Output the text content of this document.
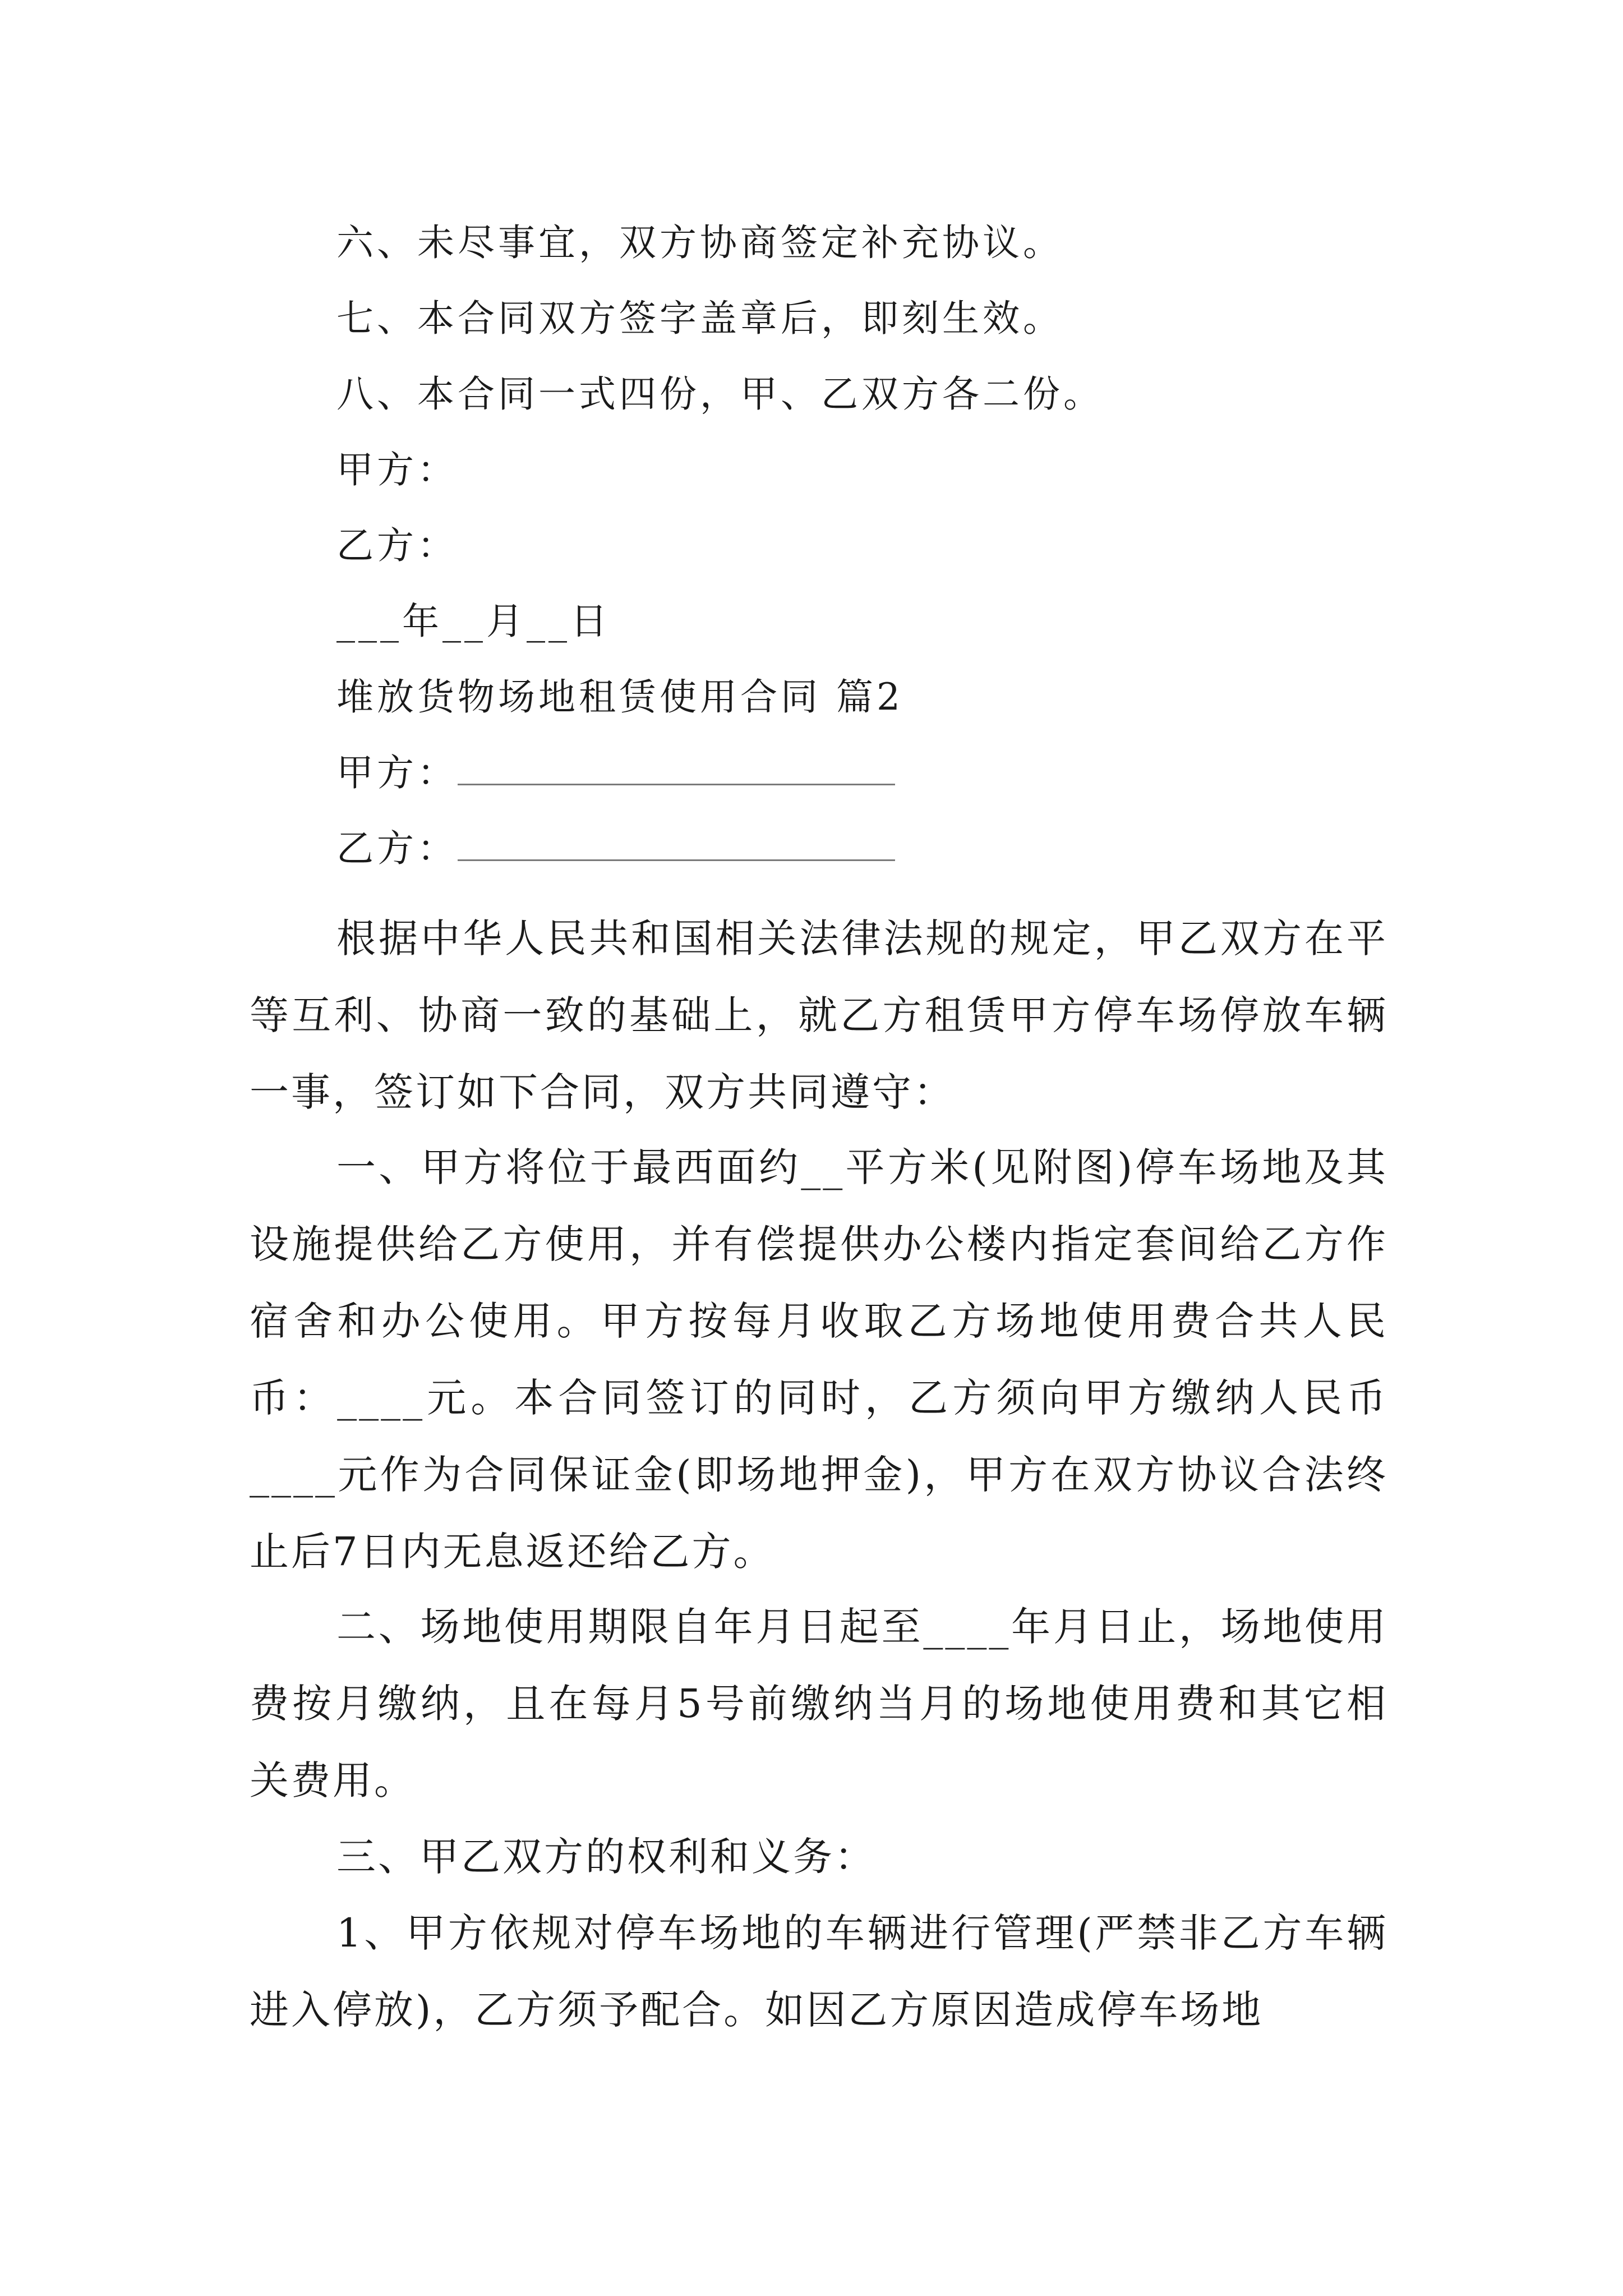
六、未尽事宜，双方协商签定补充协议。
七、本合同双方签字盖章后，即刻生效。
八、本合同一式四份，甲、乙双方各二份。
甲方：
乙方：
___年__月__日
堆放货物场地租赁使用合同 篇2
甲方：
乙方：
根据中华人民共和国相关法律法规的规定，甲乙双方在平等互利、协商一致的基础上，就乙方租赁甲方停车场停放车辆一事，签订如下合同，双方共同遵守：
一、甲方将位于最西面约__平方米(见附图)停车场地及其设施提供给乙方使用，并有偿提供办公楼内指定套间给乙方作宿舍和办公使用。甲方按每月收取乙方场地使用费合共人民币：____元。本合同签订的同时，乙方须向甲方缴纳人民币____元作为合同保证金(即场地押金)，甲方在双方协议合法终止后7日内无息返还给乙方。
二、场地使用期限自年月日起至____年月日止，场地使用费按月缴纳，且在每月5号前缴纳当月的场地使用费和其它相关费用。
三、甲乙双方的权利和义务：
1、甲方依规对停车场地的车辆进行管理(严禁非乙方车辆进入停放)，乙方须予配合。如因乙方原因造成停车场地
